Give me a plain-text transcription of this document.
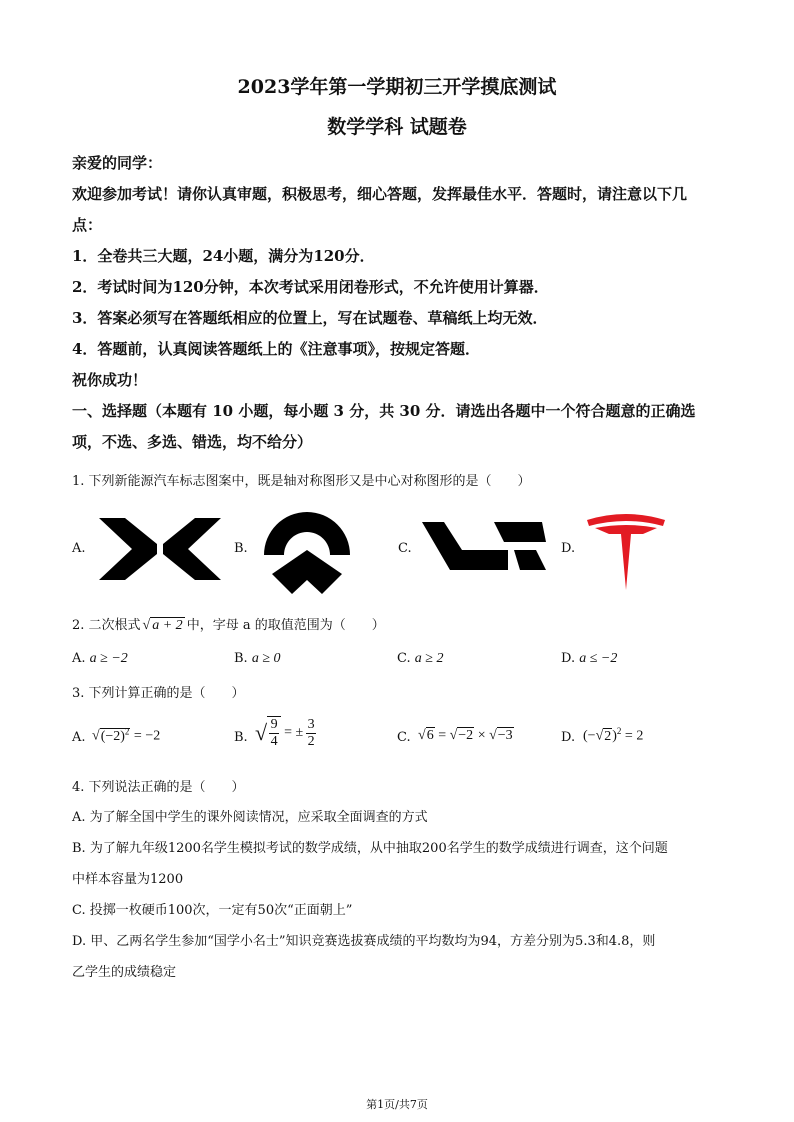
2023学年第一学期初三开学摸底测试
数学学科 试题卷
亲爱的同学：
欢迎参加考试！请你认真审题，积极思考，细心答题，发挥最佳水平．答题时，请注意以下几
点：
1．全卷共三大题，24小题，满分为120分．
2．考试时间为120分钟，本次考试采用闭卷形式，不允许使用计算器．
3．答案必须写在答题纸相应的位置上，写在试题卷、草稿纸上均无效．
4．答题前，认真阅读答题纸上的《注意事项》，按规定答题．
祝你成功！
一、选择题（本题有 10 小题，每小题 3 分，共 30 分．请选出各题中一个符合题意的正确选
项，不选、多选、错选，均不给分）
1. 下列新能源汽车标志图案中，既是轴对称图形又是中心对称图形的是（　　）
A.	B.	C.	D.
2. 二次根式 √ a + 2 中，字母 a 的取值范围为（　　）
A. a ≥ −2	B. a ≥ 0	C. a ≥ 2	D. a ≤ −2
3. 下列计算正确的是（　　）
A. $√(-2)^2 = -2$	B. √ $\frac{9}{4}$ = ± $\frac{3}{2}$	C. √6 = √−2 × √−3	D. $(-√2)^2 = 2$
4. 下列说法正确的是（　　）
A. 为了解全国中学生的课外阅读情况，应采取全面调查的方式
B. 为了解九年级1200名学生模拟考试的数学成绩，从中抽取200名学生的数学成绩进行调查，这个问题
中样本容量为1200
C. 投掷一枚硬币100次，一定有50次“正面朝上”
D. 甲、乙两名学生参加“国学小名士”知识竞赛选拔赛成绩的平均数均为94，方差分别为5.3和4.8，则
乙学生的成绩稳定
第1页/共7页
